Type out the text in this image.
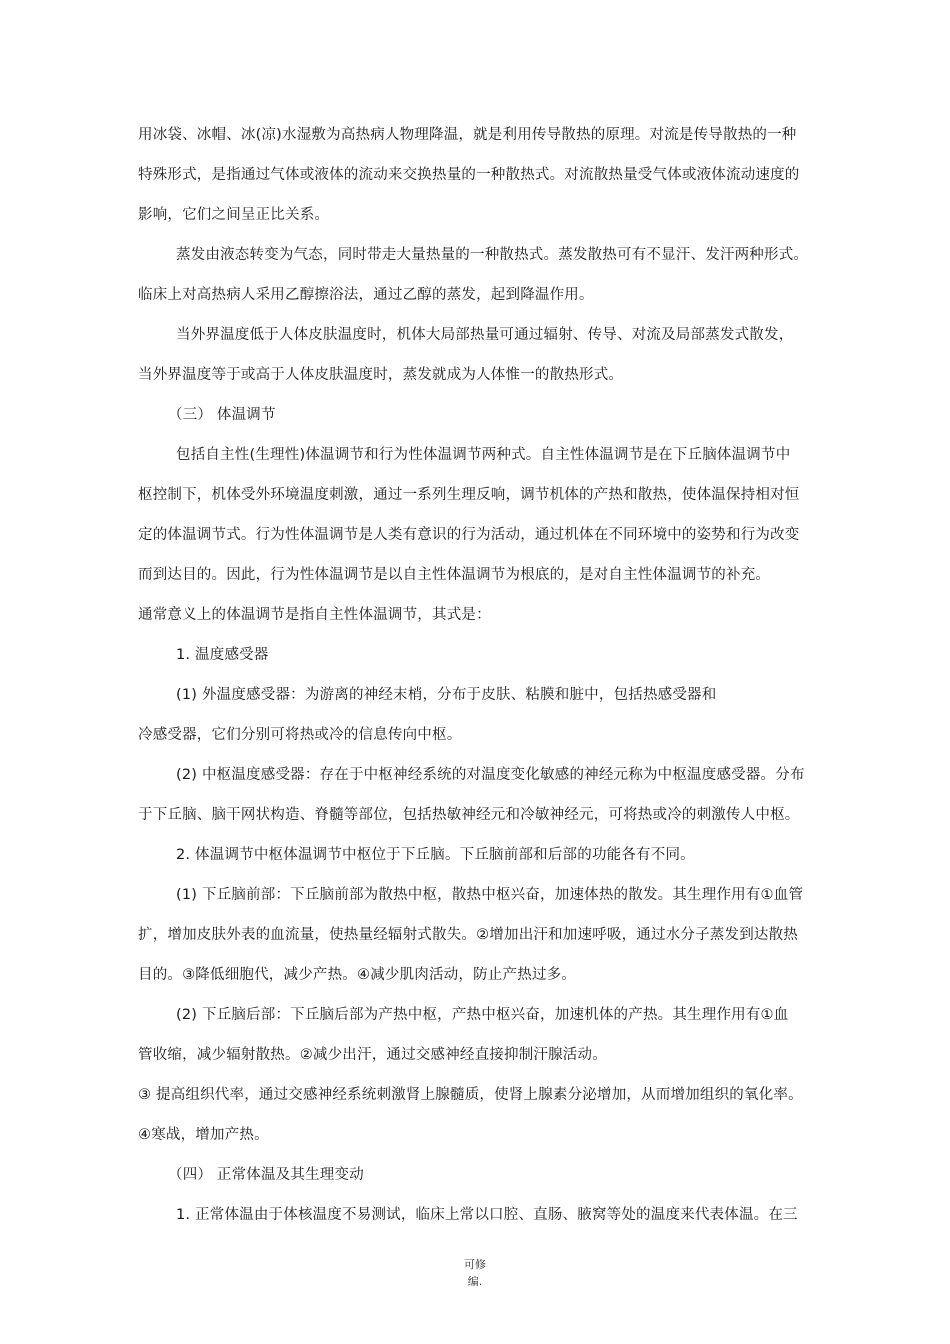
用冰袋、冰帽、冰(凉)水湿敷为高热病人物理降温，就是利用传导散热的原理。对流是传导散热的一种
特殊形式，是指通过气体或液体的流动来交换热量的一种散热式。对流散热量受气体或液体流动速度的
影响，它们之间呈正比关系。
蒸发由液态转变为气态，同时带走大量热量的一种散热式。蒸发散热可有不显汗、发汗两种形式。
临床上对高热病人采用乙醇擦浴法，通过乙醇的蒸发，起到降温作用。
当外界温度低于人体皮肤温度时，机体大局部热量可通过辐射、传导、对流及局部蒸发式散发，
当外界温度等于或高于人体皮肤温度时，蒸发就成为人体惟一的散热形式。
（三） 体温调节
包括自主性(生理性)体温调节和行为性体温调节两种式。自主性体温调节是在下丘脑体温调节中
枢控制下，机体受外环境温度刺激，通过一系列生理反响，调节机体的产热和散热，使体温保持相对恒
定的体温调节式。行为性体温调节是人类有意识的行为活动，通过机体在不同环境中的姿势和行为改变
而到达目的。因此，行为性体温调节是以自主性体温调节为根底的，是对自主性体温调节的补充。
通常意义上的体温调节是指自主性体温调节，其式是：
1. 温度感受器
(1) 外温度感受器：为游离的神经末梢，分布于皮肤、粘膜和脏中，包括热感受器和
冷感受器，它们分别可将热或冷的信息传向中枢。
(2) 中枢温度感受器：存在于中枢神经系统的对温度变化敏感的神经元称为中枢温度感受器。分布
于下丘脑、脑干网状构造、脊髓等部位，包括热敏神经元和冷敏神经元，可将热或冷的刺激传人中枢。
2. 体温调节中枢体温调节中枢位于下丘脑。下丘脑前部和后部的功能各有不同。
(1) 下丘脑前部：下丘脑前部为散热中枢，散热中枢兴奋，加速体热的散发。其生理作用有①血管
扩，增加皮肤外表的血流量，使热量经辐射式散失。②增加出汗和加速呼吸，通过水分子蒸发到达散热
目的。③降低细胞代，减少产热。④减少肌肉活动，防止产热过多。
(2) 下丘脑后部：下丘脑后部为产热中枢，产热中枢兴奋，加速机体的产热。其生理作用有①血
管收缩，减少辐射散热。②减少出汗，通过交感神经直接抑制汗腺活动。
③ 提高组织代率，通过交感神经系统刺激肾上腺髓质，使肾上腺素分泌增加，从而增加组织的氧化率。
④寒战，增加产热。
（四） 正常体温及其生理变动
1. 正常体温由于体核温度不易测试，临床上常以口腔、直肠、腋窝等处的温度来代表体温。在三
可修
编.
